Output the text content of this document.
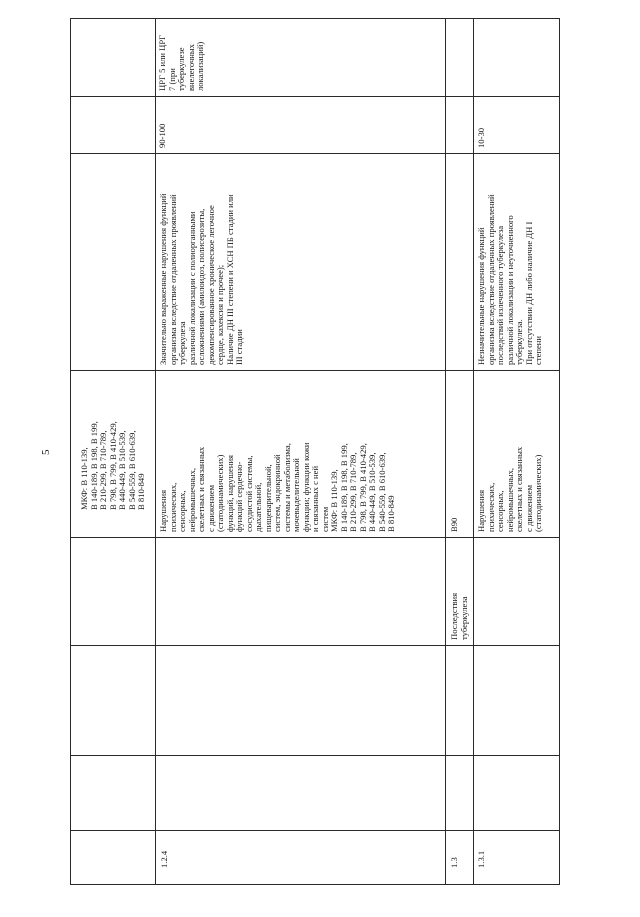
5

МКФ: В 110-139,
В 140-189, В 198, В 199,
В 210-299, В 710-789,
В 798, В 799, В 410-429,
В 440-449, В 510-539,
В 540-559, В 610-639,
В 810-849

1.2.4

Нарушения
психических,
сенсорных,
нейромышечных,
скелетных и связанных
с движением
(статодинамических)
функций, нарушения
функций сердечно-
сосудистой системы,
дыхательной,
пищеварительной,
систем, эндокринной
системы и метаболизма,
мочевыделительной
функции; функции кожи
и связанных с ней
систем
МКФ: В 110-139,
В 140-189, В 198, В 199,
В 210-299, В 710-789,
В 798, В 799, В 410-429,
В 440-449, В 510-539,
В 540-559, В 610-639,
В 810-849

Значительно выраженные нарушения функций
организма вследствие отдаленных проявлений туберкулеза
различной локализации с полиорганными
осложнениями (амилоидоз, полисерозиты,
декомпенсированное хроническое легочное
сердце, кахексия и прочее);
Наличие ДН III степени и ХСН ПБ стадии или
III стадии

90-100

ЦРГ 5 или ЦРГ
7 (при
туберкулезе
внелегочных
локализаций)

1.3

Последствия
туберкулеза

В90

1.3.1

Нарушения
психических,
сенсорных,
нейромышечных,
скелетных и связанных
с движением
(статодинамических)

Незначительные нарушения функций
организма вследствие отдаленных проявлений
последствий излеченного туберкулеза
различной локализации и неуточненного
туберкулеза.
При отсутствии ДН либо наличие ДН I
степени

10-30
